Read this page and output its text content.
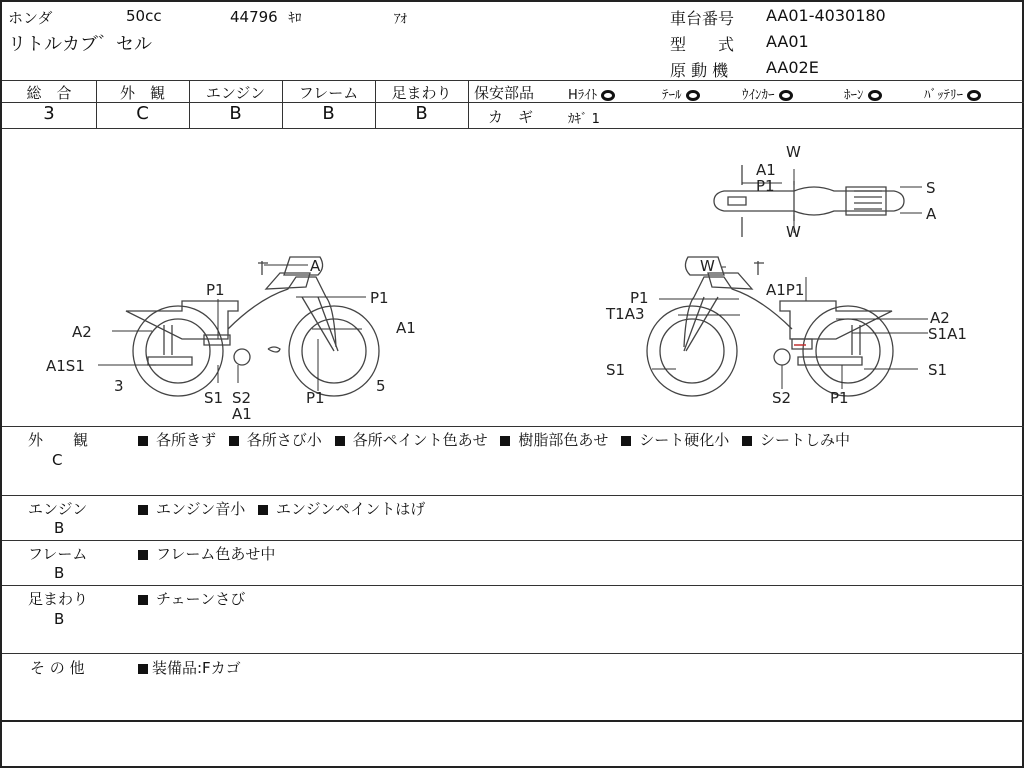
ホンダ	50cc	44796 ｷﾛ	ｱｵ
リトルカブ゛セル
車台番号 AA01-4030180
型　　式 AA01
原 動 機 AA02E
総　合	外　観	エンジン	フレーム	足まわり
3	C	B	B	B
保安部品	Hﾗｲﾄ	ﾃｰﾙ	ｳｲﾝｶｰ	ﾎｰﾝ	ﾊﾞｯﾃﾘｰ
カ　ギ	ｶｷﾞ 1
A
P1	P1
A2	A1
A1S1
3
S1 S2
A1
P1
5
W
P1
T1A3
A1P1
A2
S1A1
S1	S1
S2	P1
W
A1
P1
W
S
A
外　　観
C
各所きず 各所さび小 各所ペイント色あせ 樹脂部色あせ シート硬化小 シートしみ中
エンジン
B
エンジン音小 エンジンペイントはげ
フレーム
B
フレーム色あせ中
足まわり
B
チェーンさび
そ の 他	装備品:Fカゴ
